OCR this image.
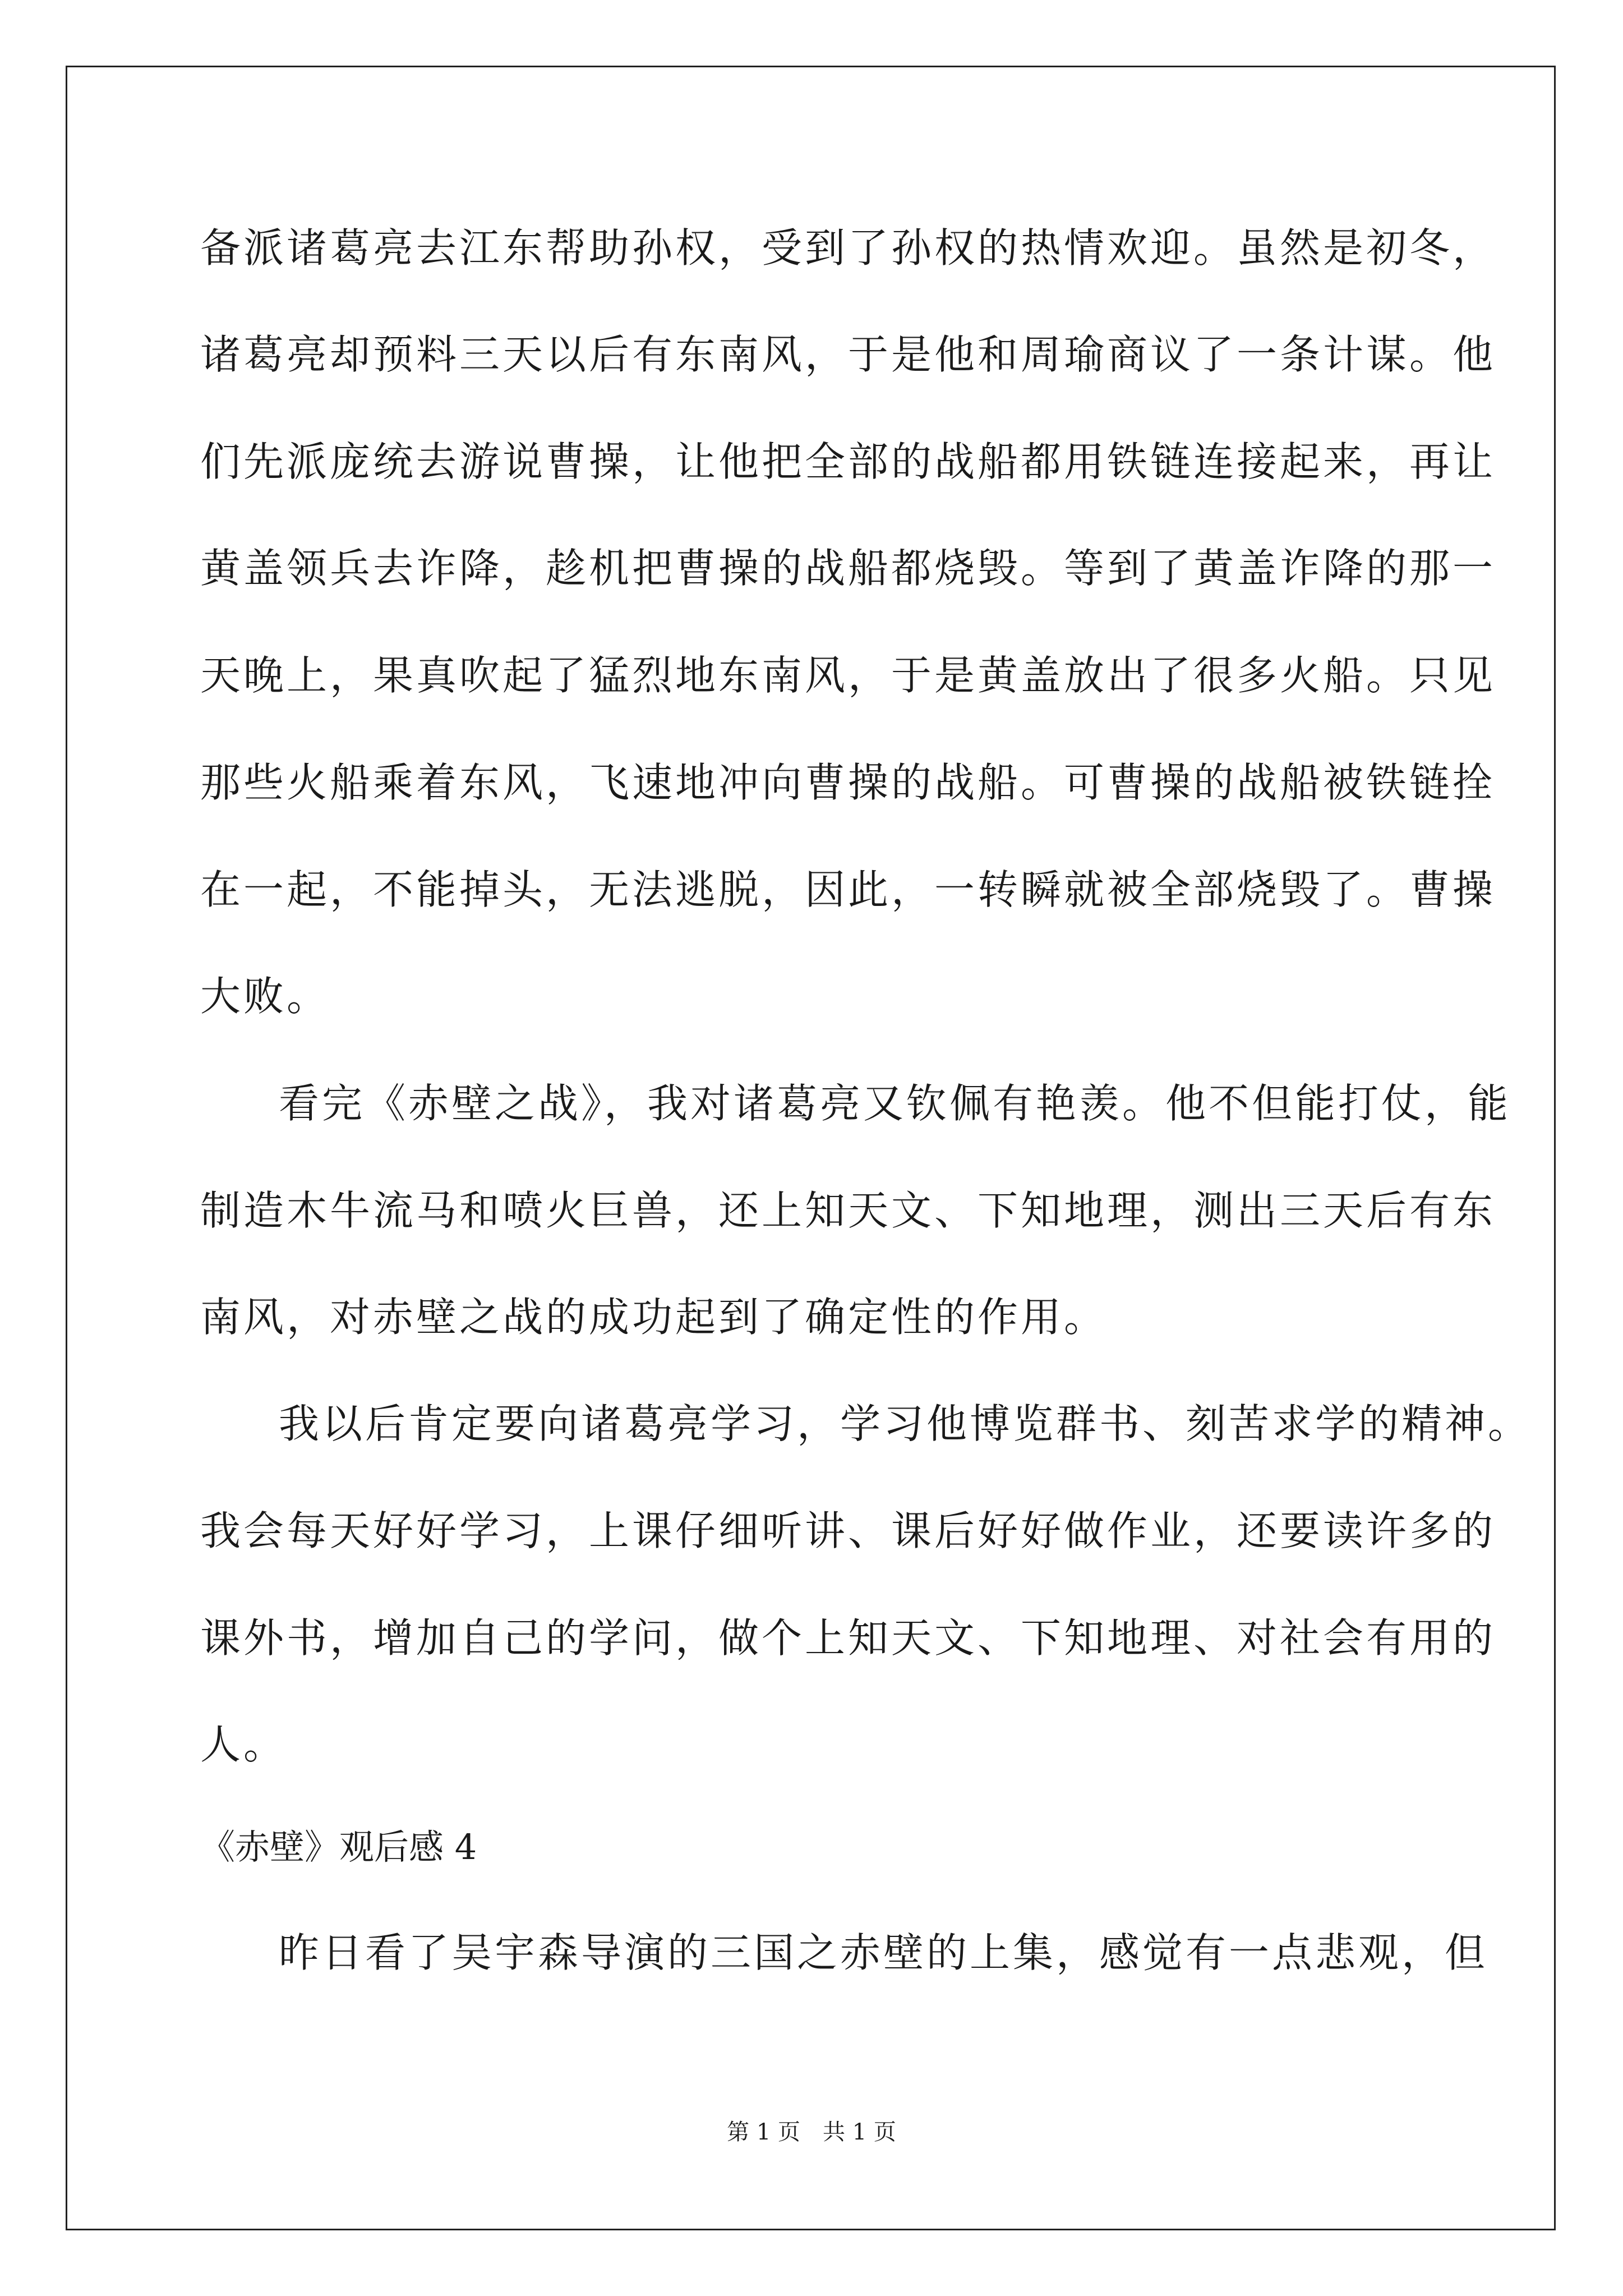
备派诸葛亮去江东帮助孙权，受到了孙权的热情欢迎。虽然是初冬，
诸葛亮却预料三天以后有东南风，于是他和周瑜商议了一条计谋。他
们先派庞统去游说曹操，让他把全部的战船都用铁链连接起来，再让
黄盖领兵去诈降，趁机把曹操的战船都烧毁。等到了黄盖诈降的那一
天晚上，果真吹起了猛烈地东南风，于是黄盖放出了很多火船。只见
那些火船乘着东风，飞速地冲向曹操的战船。可曹操的战船被铁链拴
在一起，不能掉头，无法逃脱，因此，一转瞬就被全部烧毁了。曹操
大败。
看完《赤壁之战》，我对诸葛亮又钦佩有艳羡。他不但能打仗，能
制造木牛流马和喷火巨兽，还上知天文、下知地理，测出三天后有东
南风，对赤壁之战的成功起到了确定性的作用。
我以后肯定要向诸葛亮学习，学习他博览群书、刻苦求学的精神。
我会每天好好学习，上课仔细听讲、课后好好做作业，还要读许多的
课外书，增加自己的学问，做个上知天文、下知地理、对社会有用的
人。
《赤壁》观后感 4
昨日看了吴宇森导演的三国之赤壁的上集，感觉有一点悲观，但
第 1 页　共 1 页
